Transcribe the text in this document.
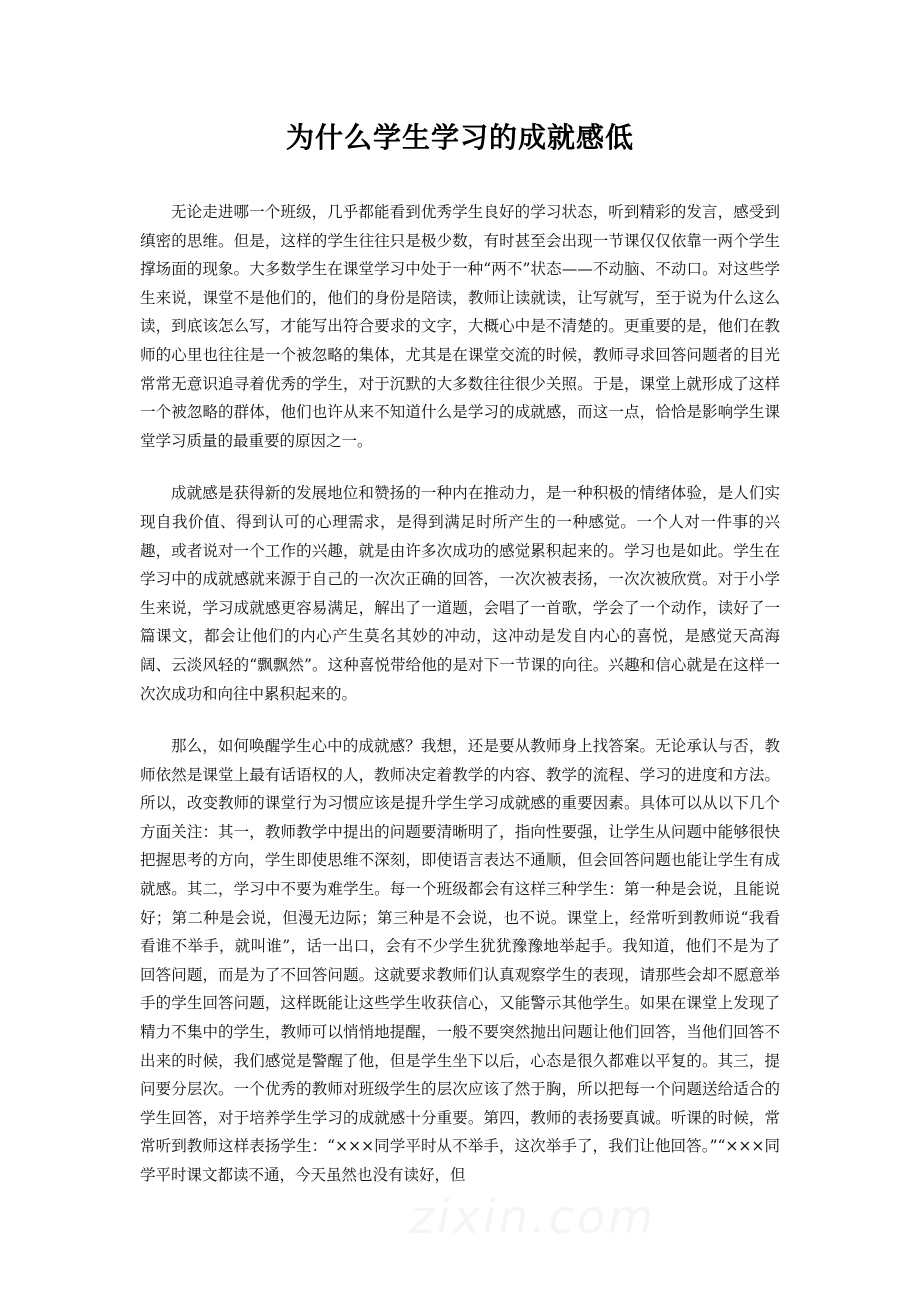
为什么学生学习的成就感低

无论走进哪一个班级，几乎都能看到优秀学生良好的学习状态，听到精彩的发言，感受到缜密的思维。但是，这样的学生往往只是极少数，有时甚至会出现一节课仅仅依靠一两个学生撑场面的现象。大多数学生在课堂学习中处于一种“两不”状态——不动脑、不动口。对这些学生来说，课堂不是他们的，他们的身份是陪读，教师让读就读，让写就写，至于说为什么这么读，到底该怎么写，才能写出符合要求的文字，大概心中是不清楚的。更重要的是，他们在教师的心里也往往是一个被忽略的集体，尤其是在课堂交流的时候，教师寻求回答问题者的目光常常无意识追寻着优秀的学生，对于沉默的大多数往往很少关照。于是，课堂上就形成了这样一个被忽略的群体，他们也许从来不知道什么是学习的成就感，而这一点，恰恰是影响学生课堂学习质量的最重要的原因之一。

成就感是获得新的发展地位和赞扬的一种内在推动力，是一种积极的情绪体验，是人们实现自我价值、得到认可的心理需求，是得到满足时所产生的一种感觉。一个人对一件事的兴趣，或者说对一个工作的兴趣，就是由许多次成功的感觉累积起来的。学习也是如此。学生在学习中的成就感就来源于自己的一次次正确的回答，一次次被表扬，一次次被欣赏。对于小学生来说，学习成就感更容易满足，解出了一道题，会唱了一首歌，学会了一个动作，读好了一篇课文，都会让他们的内心产生莫名其妙的冲动，这冲动是发自内心的喜悦，是感觉天高海阔、云淡风轻的“飘飘然”。这种喜悦带给他的是对下一节课的向往。兴趣和信心就是在这样一次次成功和向往中累积起来的。

那么，如何唤醒学生心中的成就感？我想，还是要从教师身上找答案。无论承认与否，教师依然是课堂上最有话语权的人，教师决定着教学的内容、教学的流程、学习的进度和方法。所以，改变教师的课堂行为习惯应该是提升学生学习成就感的重要因素。具体可以从以下几个方面关注：其一，教师教学中提出的问题要清晰明了，指向性要强，让学生从问题中能够很快把握思考的方向，学生即使思维不深刻，即使语言表达不通顺，但会回答问题也能让学生有成就感。其二，学习中不要为难学生。每一个班级都会有这样三种学生：第一种是会说，且能说好；第二种是会说，但漫无边际；第三种是不会说，也不说。课堂上，经常听到教师说“我看看谁不举手，就叫谁”，话一出口，会有不少学生犹犹豫豫地举起手。我知道，他们不是为了回答问题，而是为了不回答问题。这就要求教师们认真观察学生的表现，请那些会却不愿意举手的学生回答问题，这样既能让这些学生收获信心，又能警示其他学生。如果在课堂上发现了精力不集中的学生，教师可以悄悄地提醒，一般不要突然抛出问题让他们回答，当他们回答不出来的时候，我们感觉是警醒了他，但是学生坐下以后，心态是很久都难以平复的。其三，提问要分层次。一个优秀的教师对班级学生的层次应该了然于胸，所以把每一个问题送给适合的学生回答，对于培养学生学习的成就感十分重要。第四，教师的表扬要真诚。听课的时候，常常听到教师这样表扬学生：“×××同学平时从不举手，这次举手了，我们让他回答。”“×××同学平时课文都读不通，今天虽然也没有读好，但

zixin.com
